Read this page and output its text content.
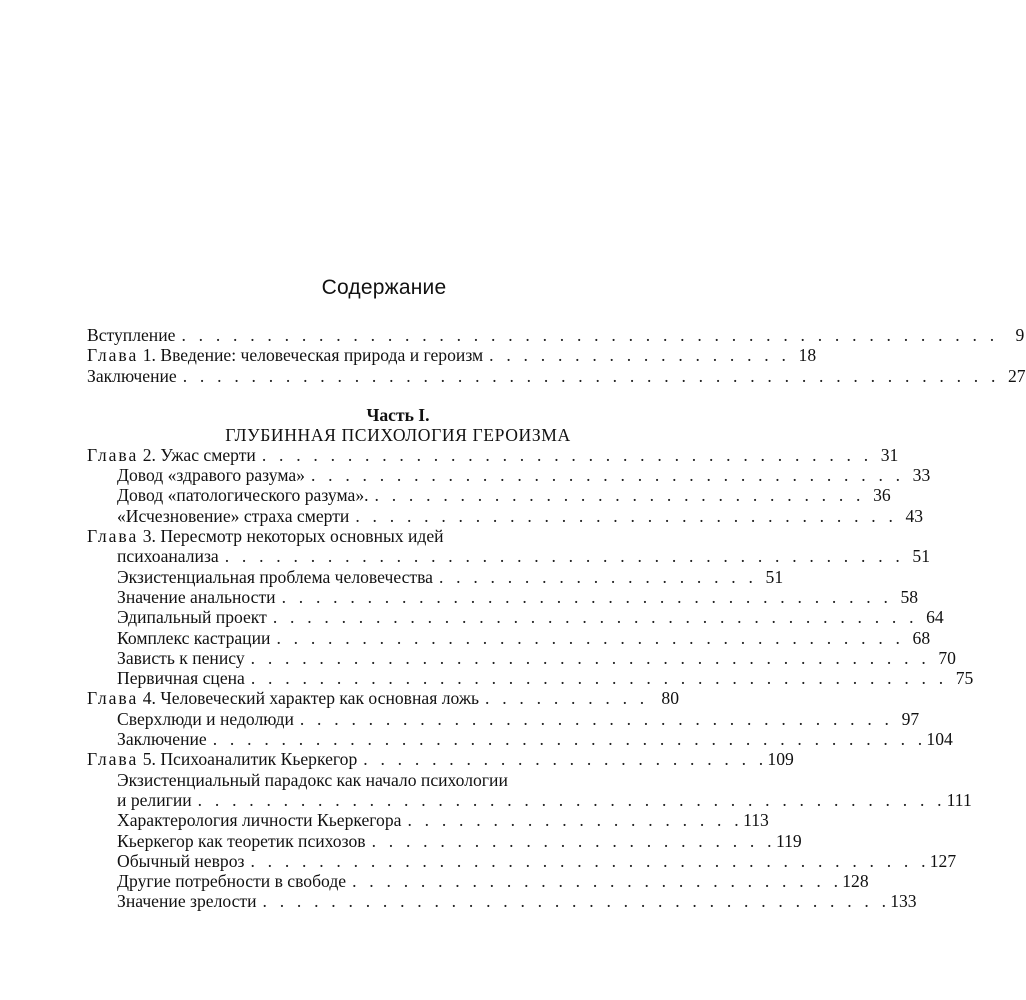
Содержание
Вступление . . . . . . . . . . . . . . . . . . . . . . . . . . . . . . . . . . . . . . . . . . . . . . . . 9
Глава 1. Введение: человеческая природа и героизм . . . . . . . . . . . . . . . . . . 18
Заключение . . . . . . . . . . . . . . . . . . . . . . . . . . . . . . . . . . . . . . . . . . . . . . . . 27
Часть I.
ГЛУБИННАЯ ПСИХОЛОГИЯ ГЕРОИЗМА
Глава 2. Ужас смерти . . . . . . . . . . . . . . . . . . . . . . . . . . . . . . . . . . . . 31
Довод «здравого разума» . . . . . . . . . . . . . . . . . . . . . . . . . . . . . . . . . . . 33
Довод «патологического разума». . . . . . . . . . . . . . . . . . . . . . . . . . . . . . 36
«Исчезновение» страха смерти . . . . . . . . . . . . . . . . . . . . . . . . . . . . . . . . 43
Глава 3. Пересмотр некоторых основных идей
психоанализа . . . . . . . . . . . . . . . . . . . . . . . . . . . . . . . . . . . . . . . . 51
Экзистенциальная проблема человечества . . . . . . . . . . . . . . . . . . . 51
Значение анальности . . . . . . . . . . . . . . . . . . . . . . . . . . . . . . . . . . . . 58
Эдипальный проект . . . . . . . . . . . . . . . . . . . . . . . . . . . . . . . . . . . . . . 64
Комплекс кастрации . . . . . . . . . . . . . . . . . . . . . . . . . . . . . . . . . . . . . 68
Зависть к пенису . . . . . . . . . . . . . . . . . . . . . . . . . . . . . . . . . . . . . . . . 70
Первичная сцена . . . . . . . . . . . . . . . . . . . . . . . . . . . . . . . . . . . . . . . . . 75
Глава 4. Человеческий характер как основная ложь . . . . . . . . . . 80
Сверхлюди и недолюди . . . . . . . . . . . . . . . . . . . . . . . . . . . . . . . . . . . 97
Заключение . . . . . . . . . . . . . . . . . . . . . . . . . . . . . . . . . . . . . . . . . . 104
Глава 5. Психоаналитик Кьеркегор . . . . . . . . . . . . . . . . . . . . . . . . 109
Экзистенциальный парадокс как начало психологии
и религии . . . . . . . . . . . . . . . . . . . . . . . . . . . . . . . . . . . . . . . . . . . . 111
Характерология личности Кьеркегора . . . . . . . . . . . . . . . . . . . . 113
Кьеркегор как теоретик психозов . . . . . . . . . . . . . . . . . . . . . . . . 119
Обычный невроз . . . . . . . . . . . . . . . . . . . . . . . . . . . . . . . . . . . . . . . . 127
Другие потребности в свободе . . . . . . . . . . . . . . . . . . . . . . . . . . . . . 128
Значение зрелости . . . . . . . . . . . . . . . . . . . . . . . . . . . . . . . . . . . . . 133
